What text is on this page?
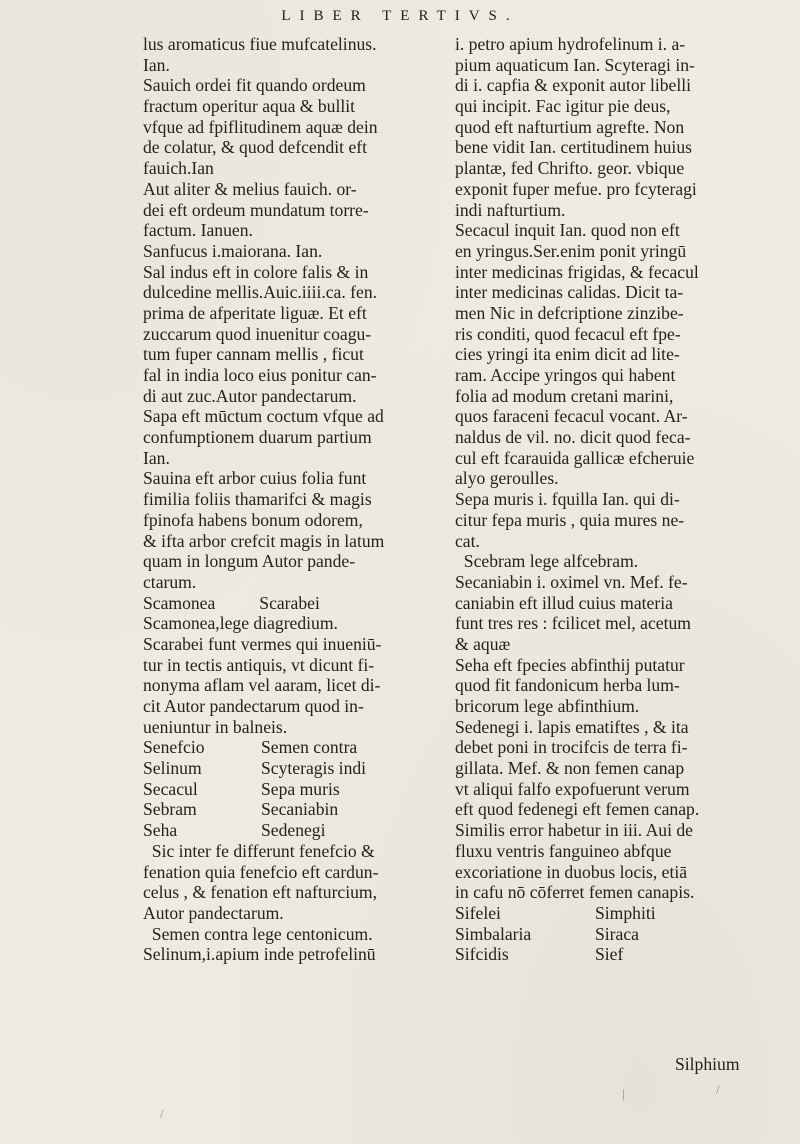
LIBER TERTIVS.
lus aromaticus fiue mufcatelinus.
Ian.
Sauich ordei fit quando ordeum
fractum operitur aqua & bullit
vfque ad fpiflitudinem aquæ dein
de colatur, & quod defcendit eft
fauich.Ian
Aut aliter & melius fauich. or-
dei eft ordeum mundatum torre-
factum. Ianuen.
Sanfucus i.maiorana. Ian.
Sal indus eft in colore falis & in
dulcedine mellis.Auic.iiii.ca. fen.
prima de afperitate liguæ. Et eft
zuccarum quod inuenitur coagu-
tum fuper cannam mellis , ficut
fal in india loco eius ponitur can-
di aut zuc.Autor pandectarum.
Sapa eft mūctum coctum vfque ad
confumptionem duarum partium
Ian.
Sauina eft arbor cuius folia funt
fimilia foliis thamarifci & magis
fpinofa habens bonum odorem,
& ifta arbor crefcit magis in latum
quam in longum Autor pande-
ctarum.
Scamonea          Scarabei
Scamonea,lege diagredium.
Scarabei funt vermes qui inueniū-
tur in tectis antiquis, vt dicunt fi-
nonyma aflam vel aaram, licet di-
cit Autor pandectarum quod in-
ueniuntur in balneis.
Senefcio	Semen contra
Selinum	Scyteragis indi
Secacul	Sepa muris
Sebram	Secaniabin
Seha	Sedenegi
Sic inter fe differunt fenefcio &
fenation quia fenefcio eft cardun-
celus , & fenation eft nafturcium,
Autor pandectarum.
Semen contra lege centonicum.
Selinum,i.apium inde petrofelinū
i. petro apium hydrofelinum i. a-
pium aquaticum Ian. Scyteragi in-
di i. capfia & exponit autor libelli
qui incipit. Fac igitur pie deus,
quod eft nafturtium agrefte. Non
bene vidit Ian. certitudinem huius
plantæ, fed Chrifto. geor. vbique
exponit fuper mefue. pro fcyteragi
indi nafturtium.
Secacul inquit Ian. quod non eft
en yringus.Ser.enim ponit yringū
inter medicinas frigidas, & fecacul
inter medicinas calidas. Dicit ta-
men Nic in defcriptione zinzibe-
ris conditi, quod fecacul eft fpe-
cies yringi ita enim dicit ad lite-
ram. Accipe yringos qui habent
folia ad modum cretani marini,
quos faraceni fecacul vocant. Ar-
naldus de vil. no. dicit quod feca-
cul eft fcarauida gallicæ efcheruie
alyo geroulles.
Sepa muris i. fquilla Ian. qui di-
citur fepa muris , quia mures ne-
cat.
Scebram lege alfcebram.
Secaniabin i. oximel vn. Mef. fe-
caniabin eft illud cuius materia
funt tres res : fcilicet mel, acetum
& aquæ
Seha eft fpecies abfinthij putatur
quod fit fandonicum herba lum-
bricorum lege abfinthium.
Sedenegi i. lapis ematiftes , & ita
debet poni in trocifcis de terra fi-
gillata. Mef. & non femen canap
vt aliqui falfo expofuerunt verum
eft quod fedenegi eft femen canap.
Similis error habetur in iii. Aui de
fluxu ventris fanguineo abfque
excoriatione in duobus locis, etiā
in cafu nō cōferret femen canapis.
Sifelei	Simphiti
Simbalaria	Siraca
Sifcidis	Sief
Silphium
/
|
/
